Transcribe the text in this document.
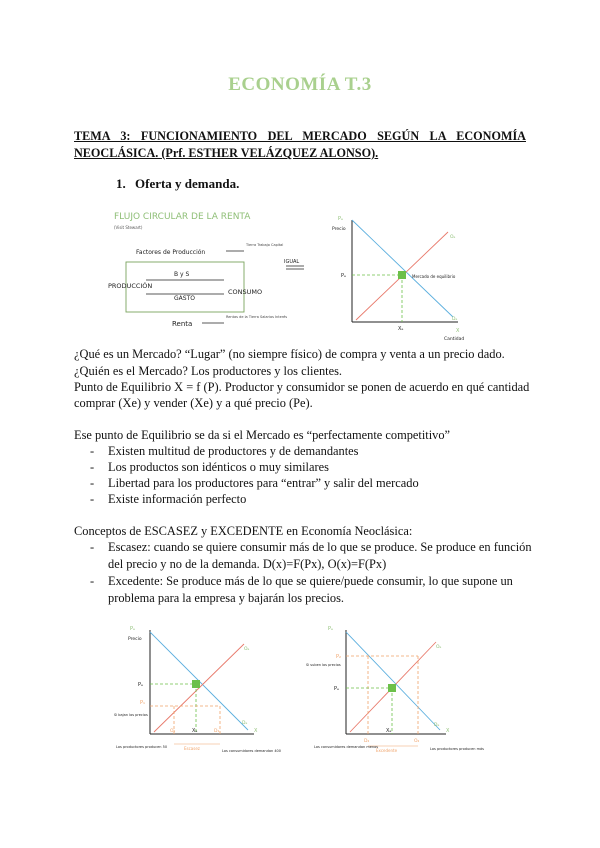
ECONOMÍA T.3
TEMA 3: FUNCIONAMIENTO DEL MERCADO SEGÚN LA ECONOMÍA
NEOCLÁSICA. (Prf. ESTHER VELÁZQUEZ ALONSO).
1. Oferta y demanda.
FLUJO CIRCULAR DE LA RENTA
(Visit Stewart)
Factores de Producción
Tierra Trabajo Capital
B y S
GASTO
PRODUCCIÓN
CONSUMO
Renta
Rentas de la Tierra Salarios Interés
IGUAL
Pₑ
Precio
Mercado de equilibrio
Pₑ
Xₑ	X
Cantidad
Oₑ
Dₑ
¿Qué es un Mercado? “Lugar” (no siempre físico) de compra y venta a un precio dado.
¿Quién es el Mercado? Los productores y los clientes.
Punto de Equilibrio X = f (P). Productor y consumidor se ponen de acuerdo en qué cantidad
comprar (Xe) y vender (Xe) y a qué precio (Pe).
Ese punto de Equilibrio se da si el Mercado es “perfectamente competitivo”
- Existen multitud de productores y de demandantes
- Los productos son idénticos o muy similares
- Libertad para los productores para “entrar” y salir del mercado
- Existe información perfecto
Conceptos de ESCASEZ y EXCEDENTE en Economía Neoclásica:
- Escasez: cuando se quiere consumir más de lo que se produce. Se produce en función del precio y no de la demanda. D(x)=F(Px), O(x)=F(Px)
- Excedente: Se produce más de lo que se quiere/puede consumir, lo que supone un problema para la empresa y bajarán los precios.
Pₑ
Precio
Pₑ
P₁
Si bajan los precios
Xₑ
O₁	D₁	X
Oₑ
Dₑ
Escasez
Los productores producen 50
Los consumidores demandan 400
Pₑ
P₂
Si suben los precios
Pₑ
Xₑ
D₂	O₂
X
Oₑ
Dₑ
Excedente
Los consumidores demandan menos	Los productores producen más
